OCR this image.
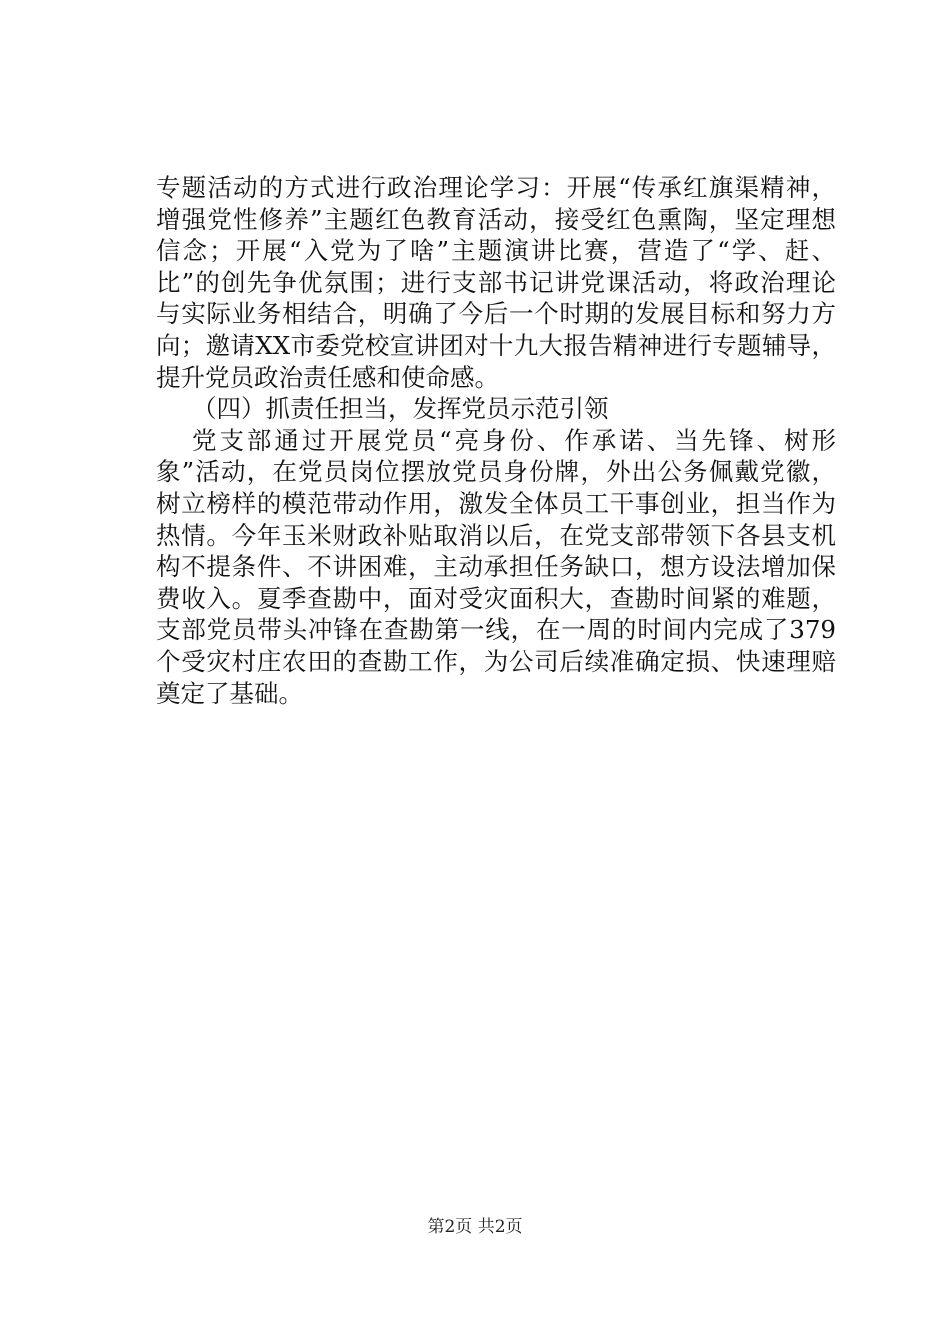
专题活动的方式进行政治理论学习：开展“传承红旗渠精神，
增强党性修养”主题红色教育活动，接受红色熏陶，坚定理想
信念；开展“入党为了啥”主题演讲比赛，营造了“学、赶、
比”的创先争优氛围；进行支部书记讲党课活动，将政治理论
与实际业务相结合，明确了今后一个时期的发展目标和努力方
向；邀请XX市委党校宣讲团对十九大报告精神进行专题辅导，
提升党员政治责任感和使命感。
（四）抓责任担当，发挥党员示范引领
党支部通过开展党员“亮身份、作承诺、当先锋、树形
象”活动，在党员岗位摆放党员身份牌，外出公务佩戴党徽，
树立榜样的模范带动作用，激发全体员工干事创业，担当作为
热情。今年玉米财政补贴取消以后，在党支部带领下各县支机
构不提条件、不讲困难，主动承担任务缺口，想方设法增加保
费收入。夏季查勘中，面对受灾面积大，查勘时间紧的难题，
支部党员带头冲锋在查勘第一线，在一周的时间内完成了379
个受灾村庄农田的查勘工作，为公司后续准确定损、快速理赔
奠定了基础。
第2页 共2页
